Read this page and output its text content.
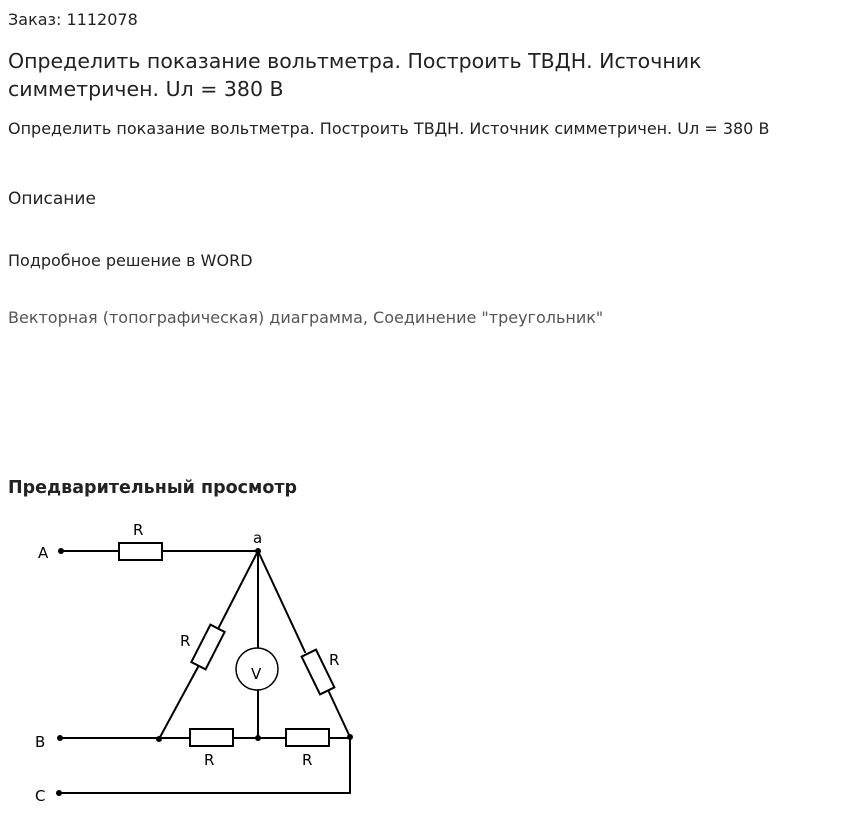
Заказ: 1112078
Определить показание вольтметра. Построить ТВДН. Источник симметричен. Uл = 380 В

Определить показание вольтметра. Построить ТВДН. Источник симметричен. Uл = 380 В

Описание

Подробное решение в WORD

Векторная (топографическая) диаграмма, Соединение "треугольник"

Предварительный просмотр
A
B
C
a
R
R
R
R	R
V
